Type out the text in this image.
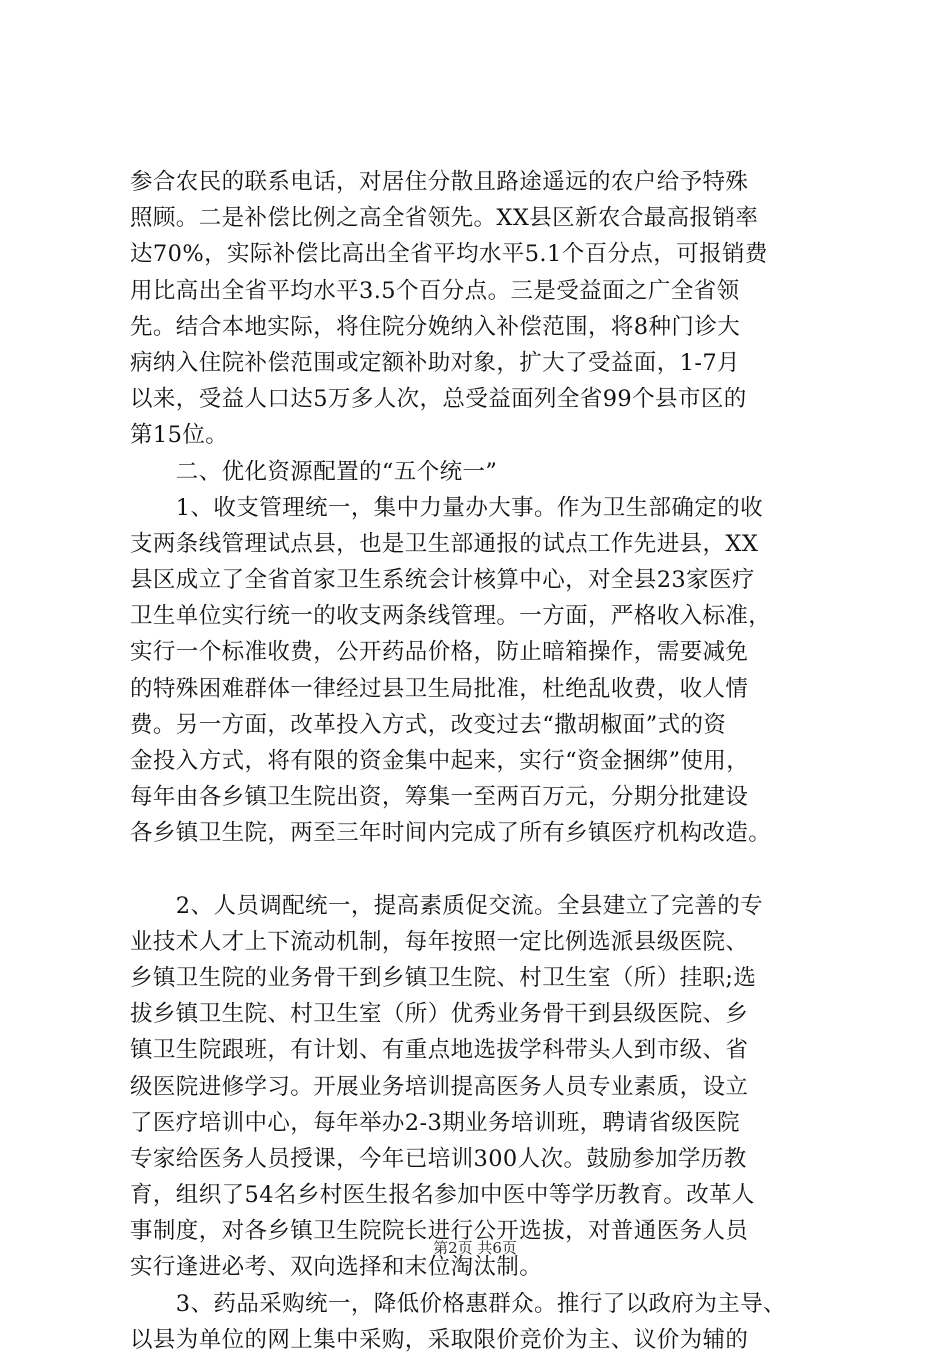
参合农民的联系电话，对居住分散且路途遥远的农户给予特殊
照顾。二是补偿比例之高全省领先。XX县区新农合最高报销率
达70%，实际补偿比高出全省平均水平5.1个百分点，可报销费
用比高出全省平均水平3.5个百分点。三是受益面之广全省领
先。结合本地实际，将住院分娩纳入补偿范围，将8种门诊大
病纳入住院补偿范围或定额补助对象，扩大了受益面，1-7月
以来，受益人口达5万多人次，总受益面列全省99个县市区的
第15位。
　　二、优化资源配置的“五个统一”
　　1、收支管理统一，集中力量办大事。作为卫生部确定的收
支两条线管理试点县，也是卫生部通报的试点工作先进县，XX
县区成立了全省首家卫生系统会计核算中心，对全县23家医疗
卫生单位实行统一的收支两条线管理。一方面，严格收入标准，
实行一个标准收费，公开药品价格，防止暗箱操作，需要减免
的特殊困难群体一律经过县卫生局批准，杜绝乱收费，收人情
费。另一方面，改革投入方式，改变过去“撒胡椒面”式的资
金投入方式，将有限的资金集中起来，实行“资金捆绑”使用，
每年由各乡镇卫生院出资，筹集一至两百万元，分期分批建设
各乡镇卫生院，两至三年时间内完成了所有乡镇医疗机构改造。
　　2、人员调配统一，提高素质促交流。全县建立了完善的专
业技术人才上下流动机制，每年按照一定比例选派县级医院、
乡镇卫生院的业务骨干到乡镇卫生院、村卫生室（所）挂职;选
拔乡镇卫生院、村卫生室（所）优秀业务骨干到县级医院、乡
镇卫生院跟班，有计划、有重点地选拔学科带头人到市级、省
级医院进修学习。开展业务培训提高医务人员专业素质，设立
了医疗培训中心，每年举办2-3期业务培训班，聘请省级医院
专家给医务人员授课，今年已培训300人次。鼓励参加学历教
育，组织了54名乡村医生报名参加中医中等学历教育。改革人
事制度，对各乡镇卫生院院长进行公开选拔，对普通医务人员
实行逢进必考、双向选择和末位淘汰制。
　　3、药品采购统一，降低价格惠群众。推行了以政府为主导、
以县为单位的网上集中采购，采取限价竞价为主、议价为辅的
第2页 共6页
